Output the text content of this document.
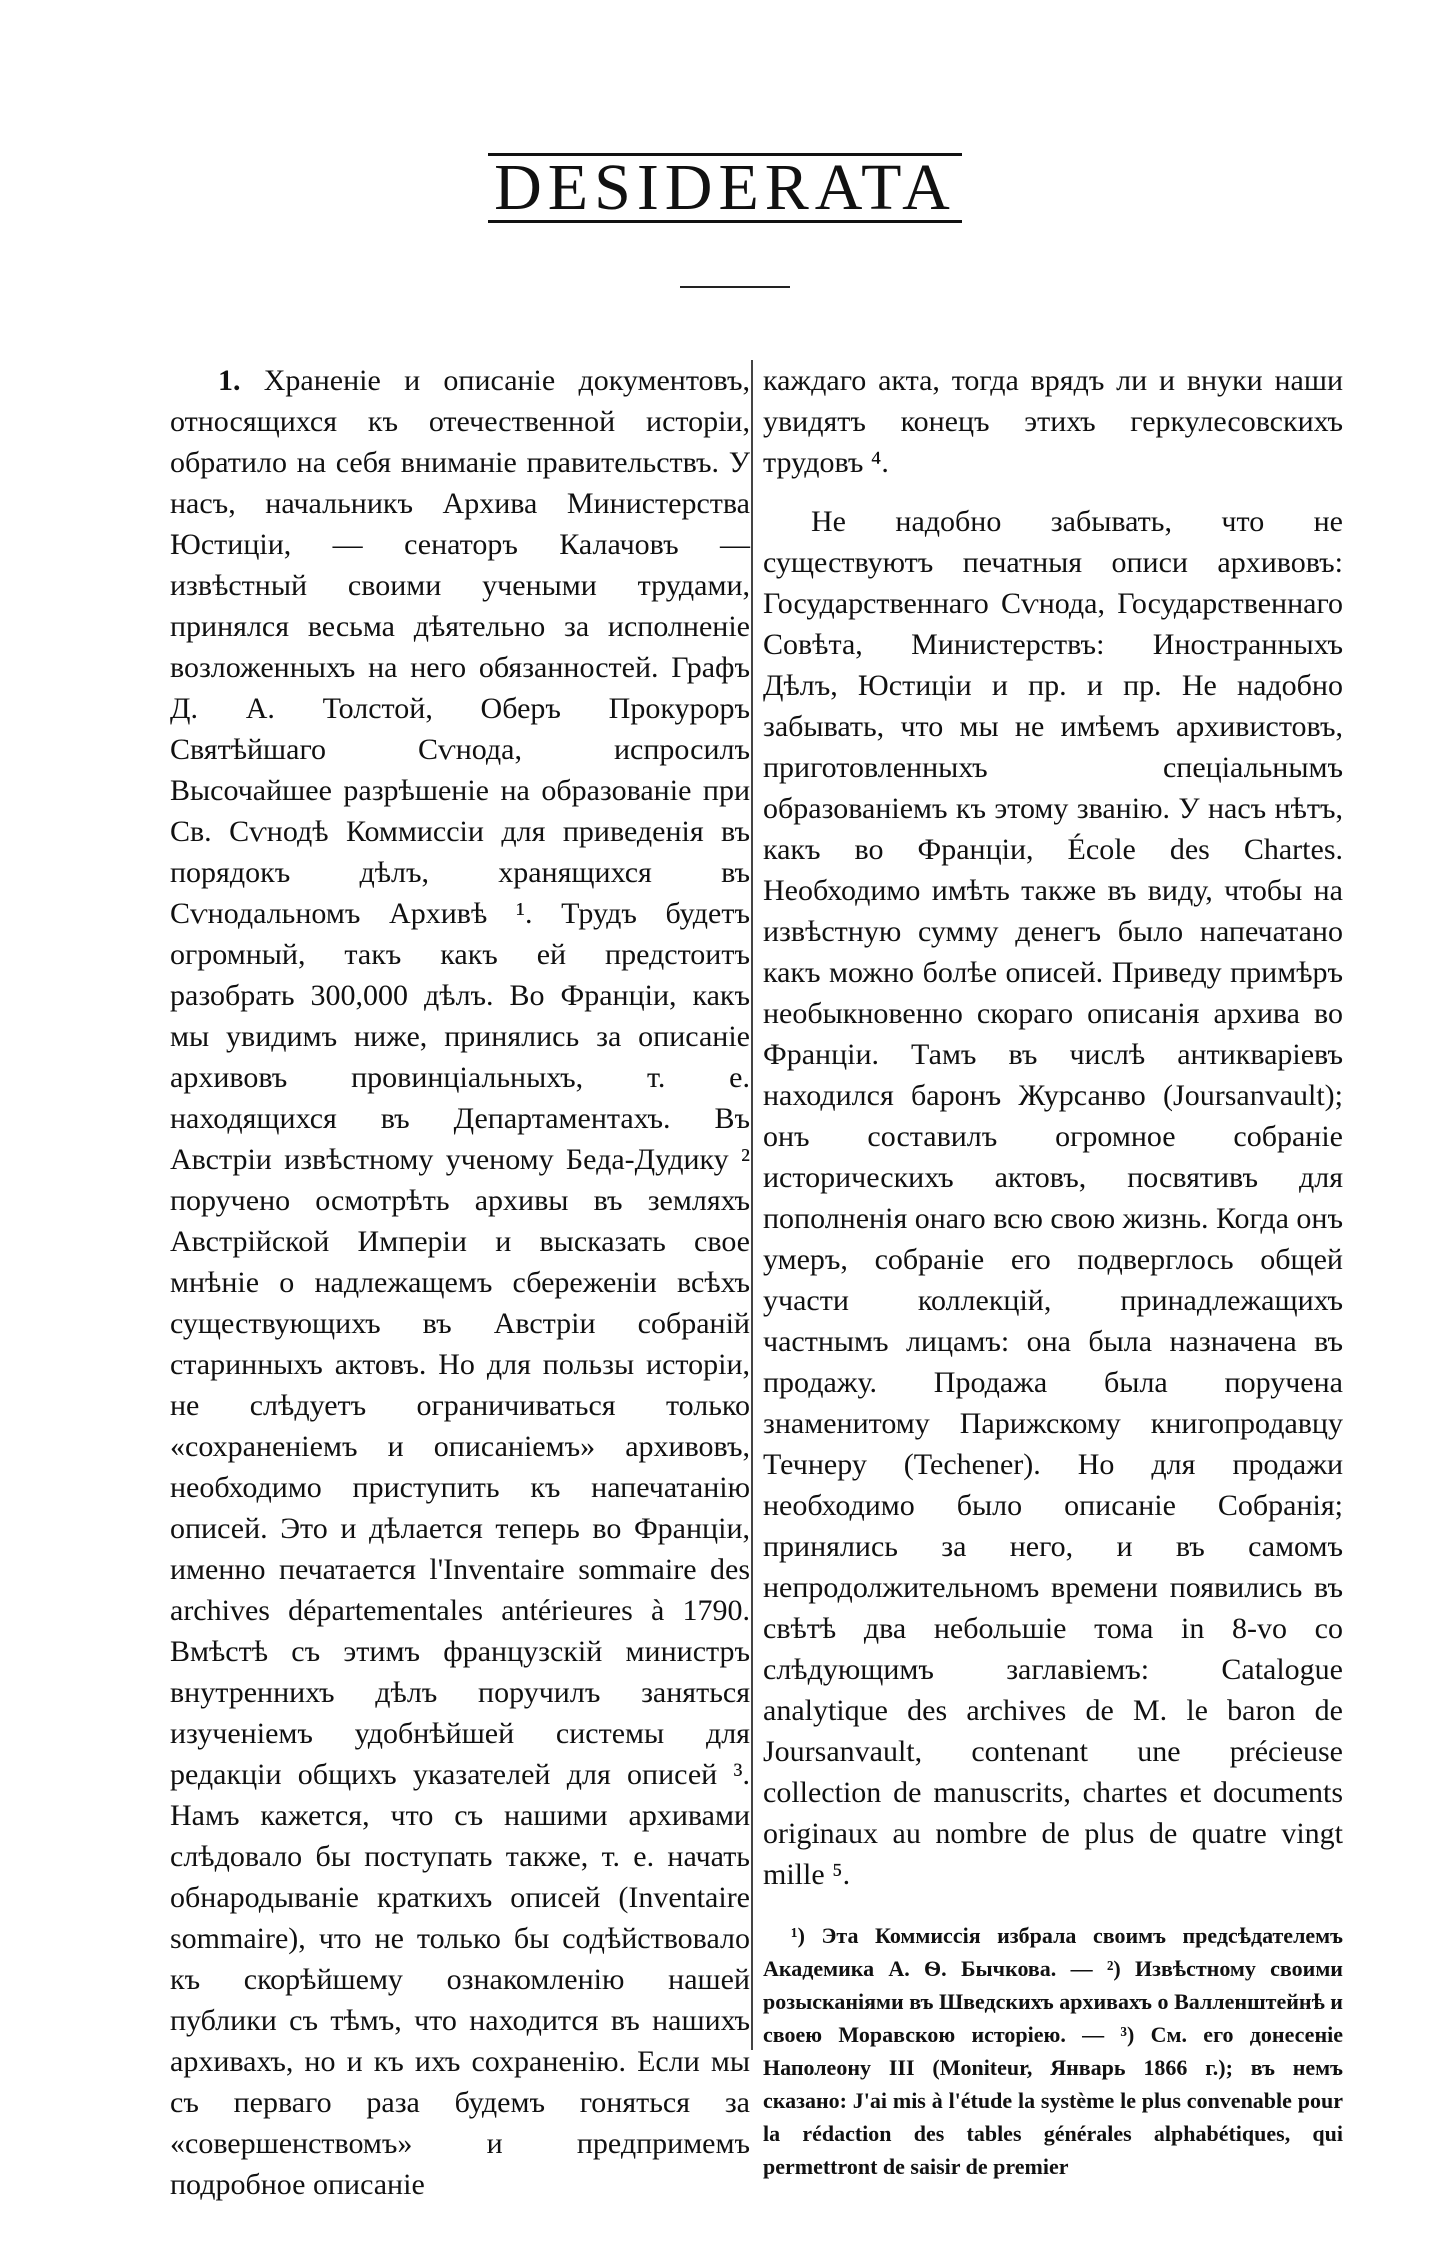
DESIDERATA

1. Храненіе и описаніе документовъ, относящихся къ отечественной исторіи, обратило на себя вниманіе правительствъ. У насъ, начальникъ Архива Министерства Юстиціи, — сенаторъ Калачовъ — извѣстный своими учеными трудами, принялся весьма дѣятельно за исполненіе возложенныхъ на него обязанностей. Графъ Д. А. Толстой, Оберъ Прокуроръ Святѣйшаго Сѵнода, испросилъ Высочайшее разрѣшеніе на образованіе при Св. Сѵнодѣ Коммиссіи для приведенія въ порядокъ дѣлъ, хранящихся въ Сѵнодальномъ Архивѣ ¹. Трудъ будетъ огромный, такъ какъ ей предстоитъ разобрать 300,000 дѣлъ. Во Франціи, какъ мы увидимъ ниже, принялись за описаніе архивовъ провинціальныхъ, т. е. находящихся въ Департаментахъ. Въ Австріи извѣстному ученому Беда-Дудику ² поручено осмотрѣть архивы въ земляхъ Австрійской Имперіи и высказать свое мнѣніе о надлежащемъ сбереженіи всѣхъ существующихъ въ Австріи собраній старинныхъ актовъ. Но для пользы исторіи, не слѣдуетъ ограничиваться только «сохраненіемъ и описаніемъ» архивовъ, необходимо приступить къ напечатанію описей. Это и дѣлается теперь во Франціи, именно печатается l'Inventaire sommaire des archives départementales antérieures à 1790. Вмѣстѣ съ этимъ французскій министръ внутреннихъ дѣлъ поручилъ заняться изученіемъ удобнѣйшей системы для редакціи общихъ указателей для описей ³. Намъ кажется, что съ нашими архивами слѣдовало бы поступать также, т. е. начать обнародываніе краткихъ описей (Inventaire sommaire), что не только бы содѣйствовало къ скорѣйшему ознакомленію нашей публики съ тѣмъ, что находится въ нашихъ архивахъ, но и къ ихъ сохраненію. Если мы съ перваго раза будемъ гоняться за «совершенствомъ» и предпримемъ подробное описаніе

каждаго акта, тогда врядъ ли и внуки наши увидятъ конецъ этихъ геркулесовскихъ трудовъ ⁴.

Не надобно забывать, что не существуютъ печатныя описи архивовъ: Государственнаго Сѵнода, Государственнаго Совѣта, Министерствъ: Иностранныхъ Дѣлъ, Юстиціи и пр. и пр. Не надобно забывать, что мы не имѣемъ архивистовъ, приготовленныхъ спеціальнымъ образованіемъ къ этому званію. У насъ нѣтъ, какъ во Франціи, École des Chartes. Необходимо имѣть также въ виду, чтобы на извѣстную сумму денегъ было напечатано какъ можно болѣе описей. Приведу примѣръ необыкновенно скораго описанія архива во Франціи. Тамъ въ числѣ антикваріевъ находился баронъ Журсанво (Joursanvault); онъ составилъ огромное собраніе историческихъ актовъ, посвятивъ для пополненія онаго всю свою жизнь. Когда онъ умеръ, собраніе его подверглось общей участи коллекцій, принадлежащихъ частнымъ лицамъ: она была назначена въ продажу. Продажа была поручена знаменитому Парижскому книгопродавцу Течнеру (Techener). Но для продажи необходимо было описаніе Собранія; принялись за него, и въ самомъ непродолжительномъ времени появились въ свѣтѣ два небольшіе тома in 8-vo со слѣдующимъ заглавіемъ: Catalogue analytique des archives de M. le baron de Joursanvault, contenant une précieuse collection de manuscrits, chartes et documents originaux au nombre de plus de quatre vingt mille ⁵.

¹) Эта Коммиссія избрала своимъ предсѣдателемъ Академика А. Ѳ. Бычкова. — ²) Извѣстному своими розысканіями въ Шведскихъ архивахъ о Валленштейнѣ и своею Моравскою исторіею. — ³) См. его донесеніе Наполеону III (Moniteur, Январь 1866 г.); въ немъ сказано: J'ai mis à l'étude la système le plus convenable pour la rédaction des tables générales alphabétiques, qui permettront de saisir de premier
